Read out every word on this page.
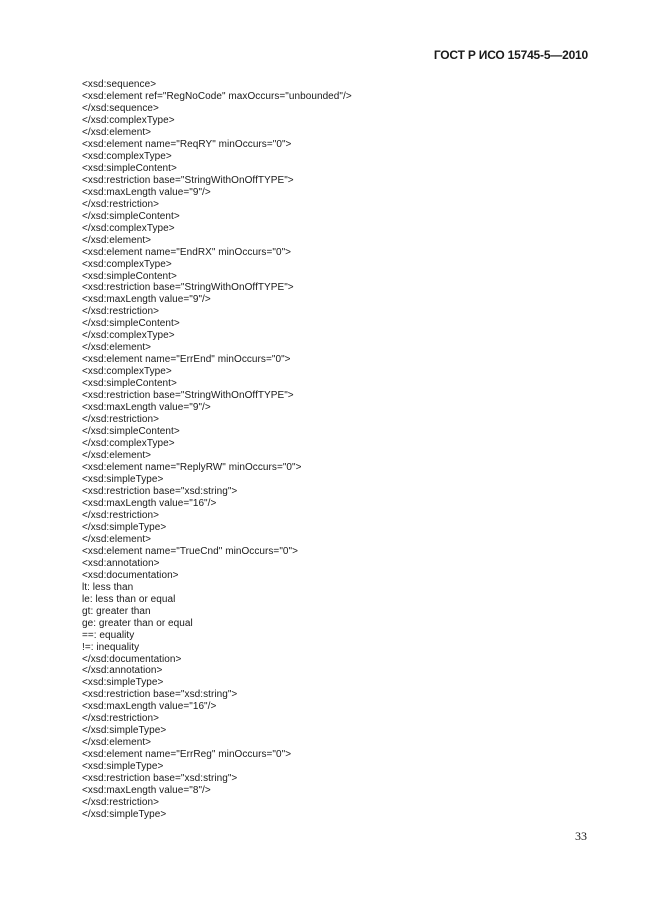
ГОСТ Р ИСО 15745-5—2010
<xsd:sequence>
<xsd:element ref="RegNoCode" maxOccurs="unbounded"/>
</xsd:sequence>
</xsd:complexType>
</xsd:element>
<xsd:element name="ReqRY" minOccurs="0">
<xsd:complexType>
<xsd:simpleContent>
<xsd:restriction base="StringWithOnOffTYPE">
<xsd:maxLength value="9"/>
</xsd:restriction>
</xsd:simpleContent>
</xsd:complexType>
</xsd:element>
<xsd:element name="EndRX" minOccurs="0">
<xsd:complexType>
<xsd:simpleContent>
<xsd:restriction base="StringWithOnOffTYPE">
<xsd:maxLength value="9"/>
</xsd:restriction>
</xsd:simpleContent>
</xsd:complexType>
</xsd:element>
<xsd:element name="ErrEnd" minOccurs="0">
<xsd:complexType>
<xsd:simpleContent>
<xsd:restriction base="StringWithOnOffTYPE">
<xsd:maxLength value="9"/>
</xsd:restriction>
</xsd:simpleContent>
</xsd:complexType>
</xsd:element>
<xsd:element name="ReplyRW" minOccurs="0">
<xsd:simpleType>
<xsd:restriction base="xsd:string">
<xsd:maxLength value="16"/>
</xsd:restriction>
</xsd:simpleType>
</xsd:element>
<xsd:element name="TrueCnd" minOccurs="0">
<xsd:annotation>
<xsd:documentation>
lt: less than
le: less than or equal
gt: greater than
ge: greater than or equal
==: equality
!=: inequality
</xsd:documentation>
</xsd:annotation>
<xsd:simpleType>
<xsd:restriction base="xsd:string">
<xsd:maxLength value="16"/>
</xsd:restriction>
</xsd:simpleType>
</xsd:element>
<xsd:element name="ErrReg" minOccurs="0">
<xsd:simpleType>
<xsd:restriction base="xsd:string">
<xsd:maxLength value="8"/>
</xsd:restriction>
</xsd:simpleType>
33
